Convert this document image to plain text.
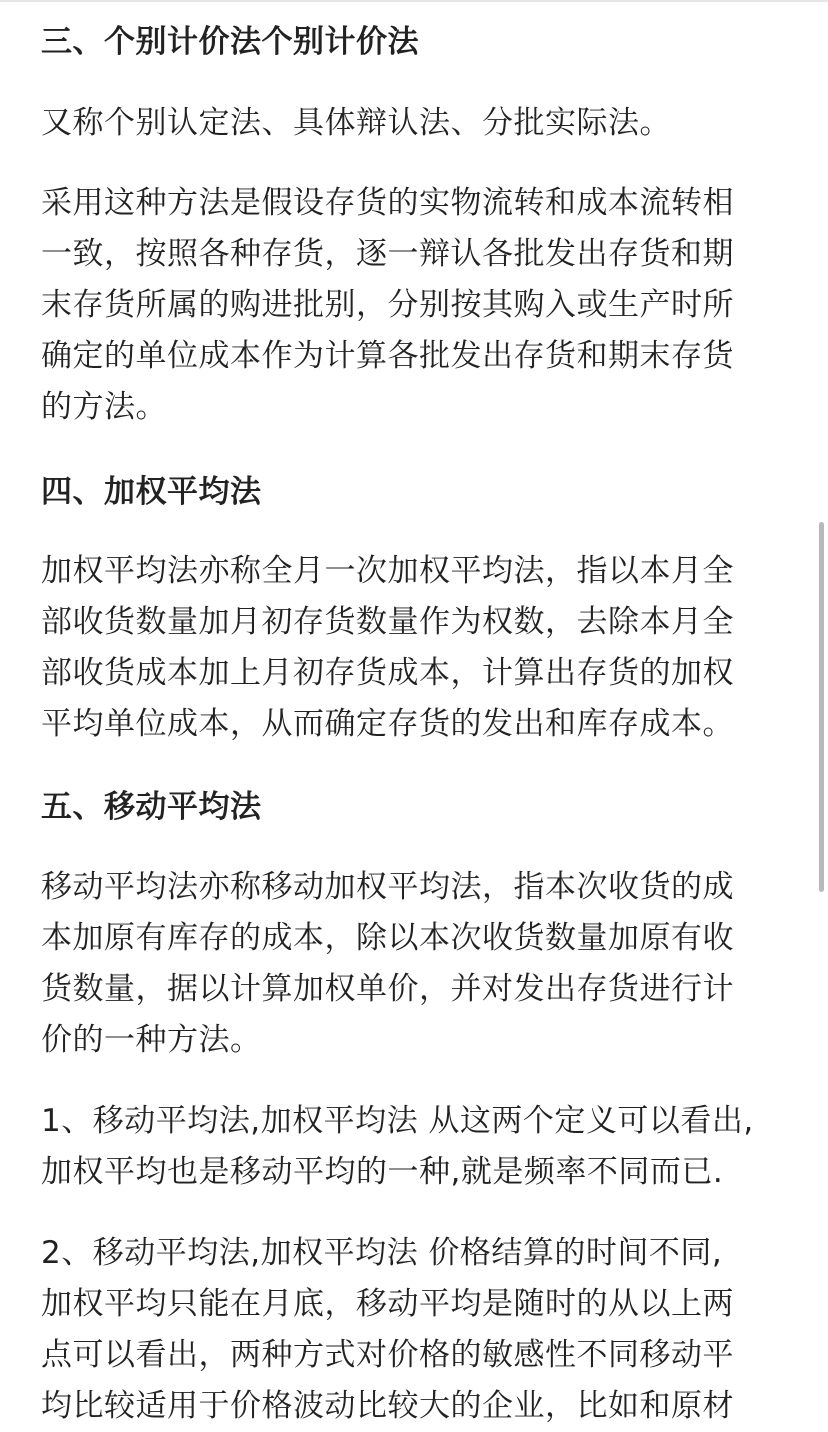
三、个别计价法个别计价法
又称个别认定法、具体辩认法、分批实际法。
采用这种方法是假设存货的实物流转和成本流转相
一致，按照各种存货，逐一辩认各批发出存货和期
末存货所属的购进批别，分别按其购入或生产时所
确定的单位成本作为计算各批发出存货和期末存货
的方法。
四、加权平均法
加权平均法亦称全月一次加权平均法，指以本月全
部收货数量加月初存货数量作为权数，去除本月全
部收货成本加上月初存货成本，计算出存货的加权
平均单位成本，从而确定存货的发出和库存成本。
五、移动平均法
移动平均法亦称移动加权平均法，指本次收货的成
本加原有库存的成本，除以本次收货数量加原有收
货数量，据以计算加权单价，并对发出存货进行计
价的一种方法。
1、移动平均法,加权平均法 从这两个定义可以看出,
加权平均也是移动平均的一种,就是频率不同而已.
2、移动平均法,加权平均法 价格结算的时间不同,
加权平均只能在月底，移动平均是随时的从以上两
点可以看出，两种方式对价格的敏感性不同移动平
均比较适用于价格波动比较大的企业，比如和原材
